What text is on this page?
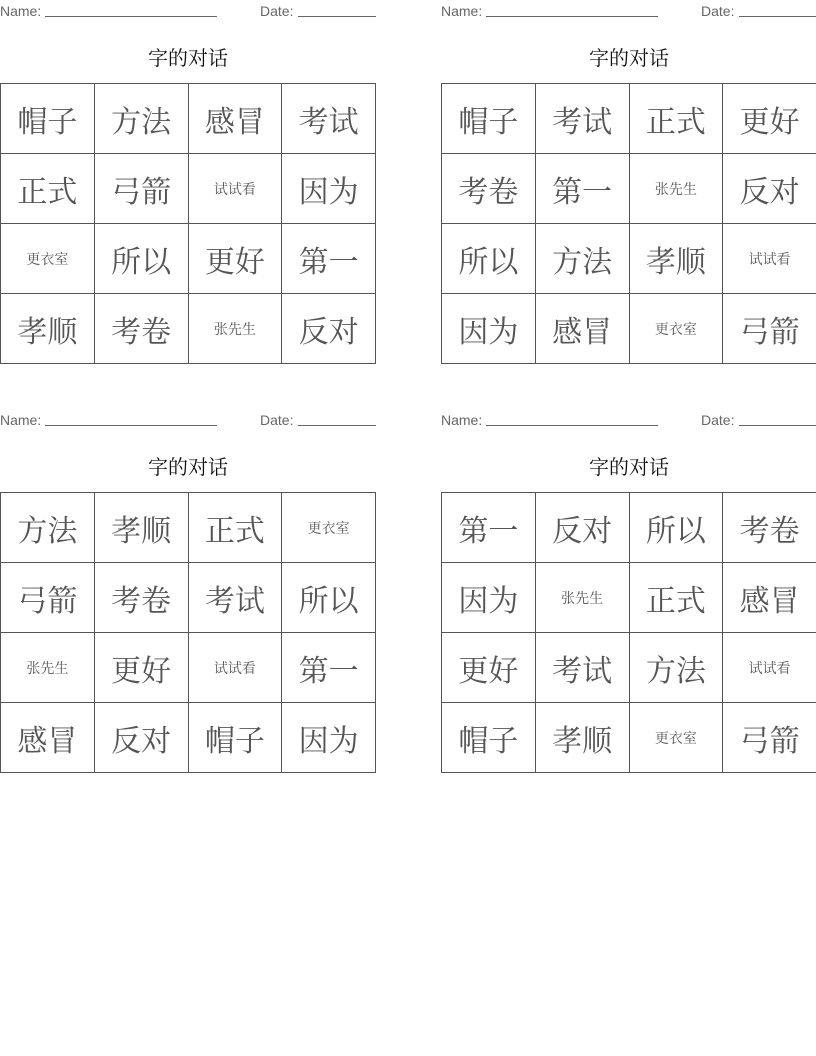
Name:	Date:
字的对话
帽子	方法	感冒	考试
正式	弓箭	试试看	因为
更衣室	所以	更好	第一
孝顺	考卷	张先生	反对
Name:	Date:
字的对话
帽子	考试	正式	更好
考卷	第一	张先生	反对
所以	方法	孝顺	试试看
因为	感冒	更衣室	弓箭
Name:	Date:
字的对话
方法	孝顺	正式	更衣室
弓箭	考卷	考试	所以
张先生	更好	试试看	第一
感冒	反对	帽子	因为
Name:	Date:
字的对话
第一	反对	所以	考卷
因为	张先生	正式	感冒
更好	考试	方法	试试看
帽子	孝顺	更衣室	弓箭
